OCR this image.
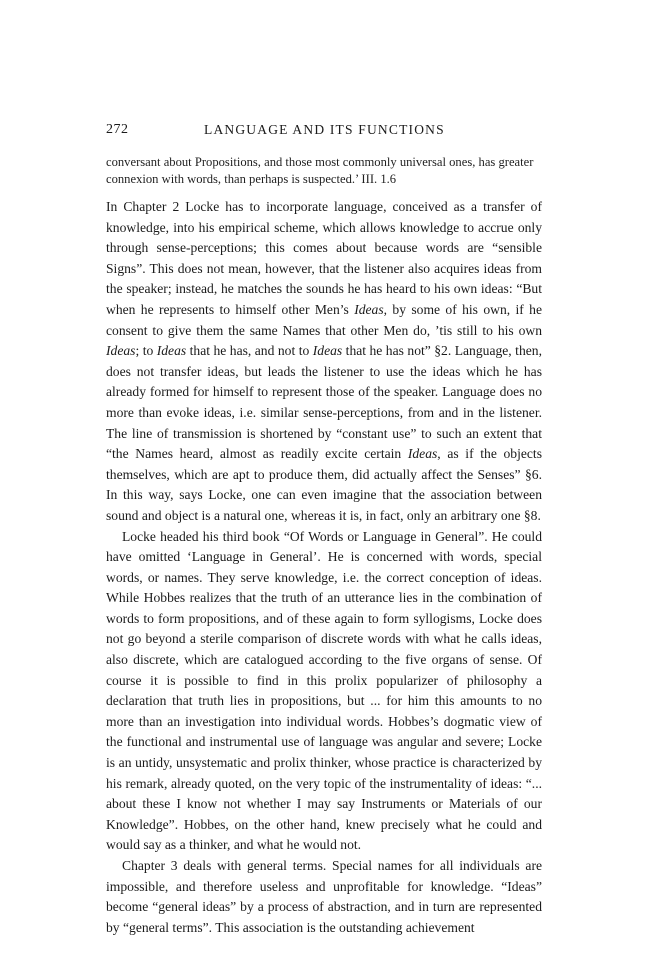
272	LANGUAGE AND ITS FUNCTIONS
conversant about Propositions, and those most commonly universal ones, has greater connexion with words, than perhaps is suspected.’ III. 1.6
In Chapter 2 Locke has to incorporate language, conceived as a transfer of knowledge, into his empirical scheme, which allows knowledge to accrue only through sense-perceptions; this comes about because words are “sensible Signs”. This does not mean, however, that the listener also acquires ideas from the speaker; instead, he matches the sounds he has heard to his own ideas: “But when he represents to himself other Men’s Ideas, by some of his own, if he consent to give them the same Names that other Men do, ’tis still to his own Ideas; to Ideas that he has, and not to Ideas that he has not” §2. Language, then, does not transfer ideas, but leads the listener to use the ideas which he has already formed for himself to represent those of the speaker. Language does no more than evoke ideas, i.e. similar sense-perceptions, from and in the listener. The line of transmission is shortened by “constant use” to such an extent that “the Names heard, almost as readily excite certain Ideas, as if the objects themselves, which are apt to produce them, did actually affect the Senses” §6. In this way, says Locke, one can even imagine that the association between sound and object is a natural one, whereas it is, in fact, only an arbitrary one §8.
Locke headed his third book “Of Words or Language in General”. He could have omitted ‘Language in General’. He is concerned with words, special words, or names. They serve knowledge, i.e. the correct conception of ideas. While Hobbes realizes that the truth of an utterance lies in the combination of words to form propositions, and of these again to form syllogisms, Locke does not go beyond a sterile comparison of discrete words with what he calls ideas, also discrete, which are catalogued according to the five organs of sense. Of course it is possible to find in this prolix popularizer of philosophy a declaration that truth lies in propositions, but ... for him this amounts to no more than an investigation into individual words. Hobbes’s dogmatic view of the functional and instrumental use of language was angular and severe; Locke is an untidy, unsystematic and prolix thinker, whose practice is characterized by his remark, already quoted, on the very topic of the instrumentality of ideas: “... about these I know not whether I may say Instruments or Materials of our Knowledge”. Hobbes, on the other hand, knew precisely what he could and would say as a thinker, and what he would not.
Chapter 3 deals with general terms. Special names for all individuals are impossible, and therefore useless and unprofitable for knowledge. “Ideas” become “general ideas” by a process of abstraction, and in turn are represented by “general terms”. This association is the outstanding achievement
